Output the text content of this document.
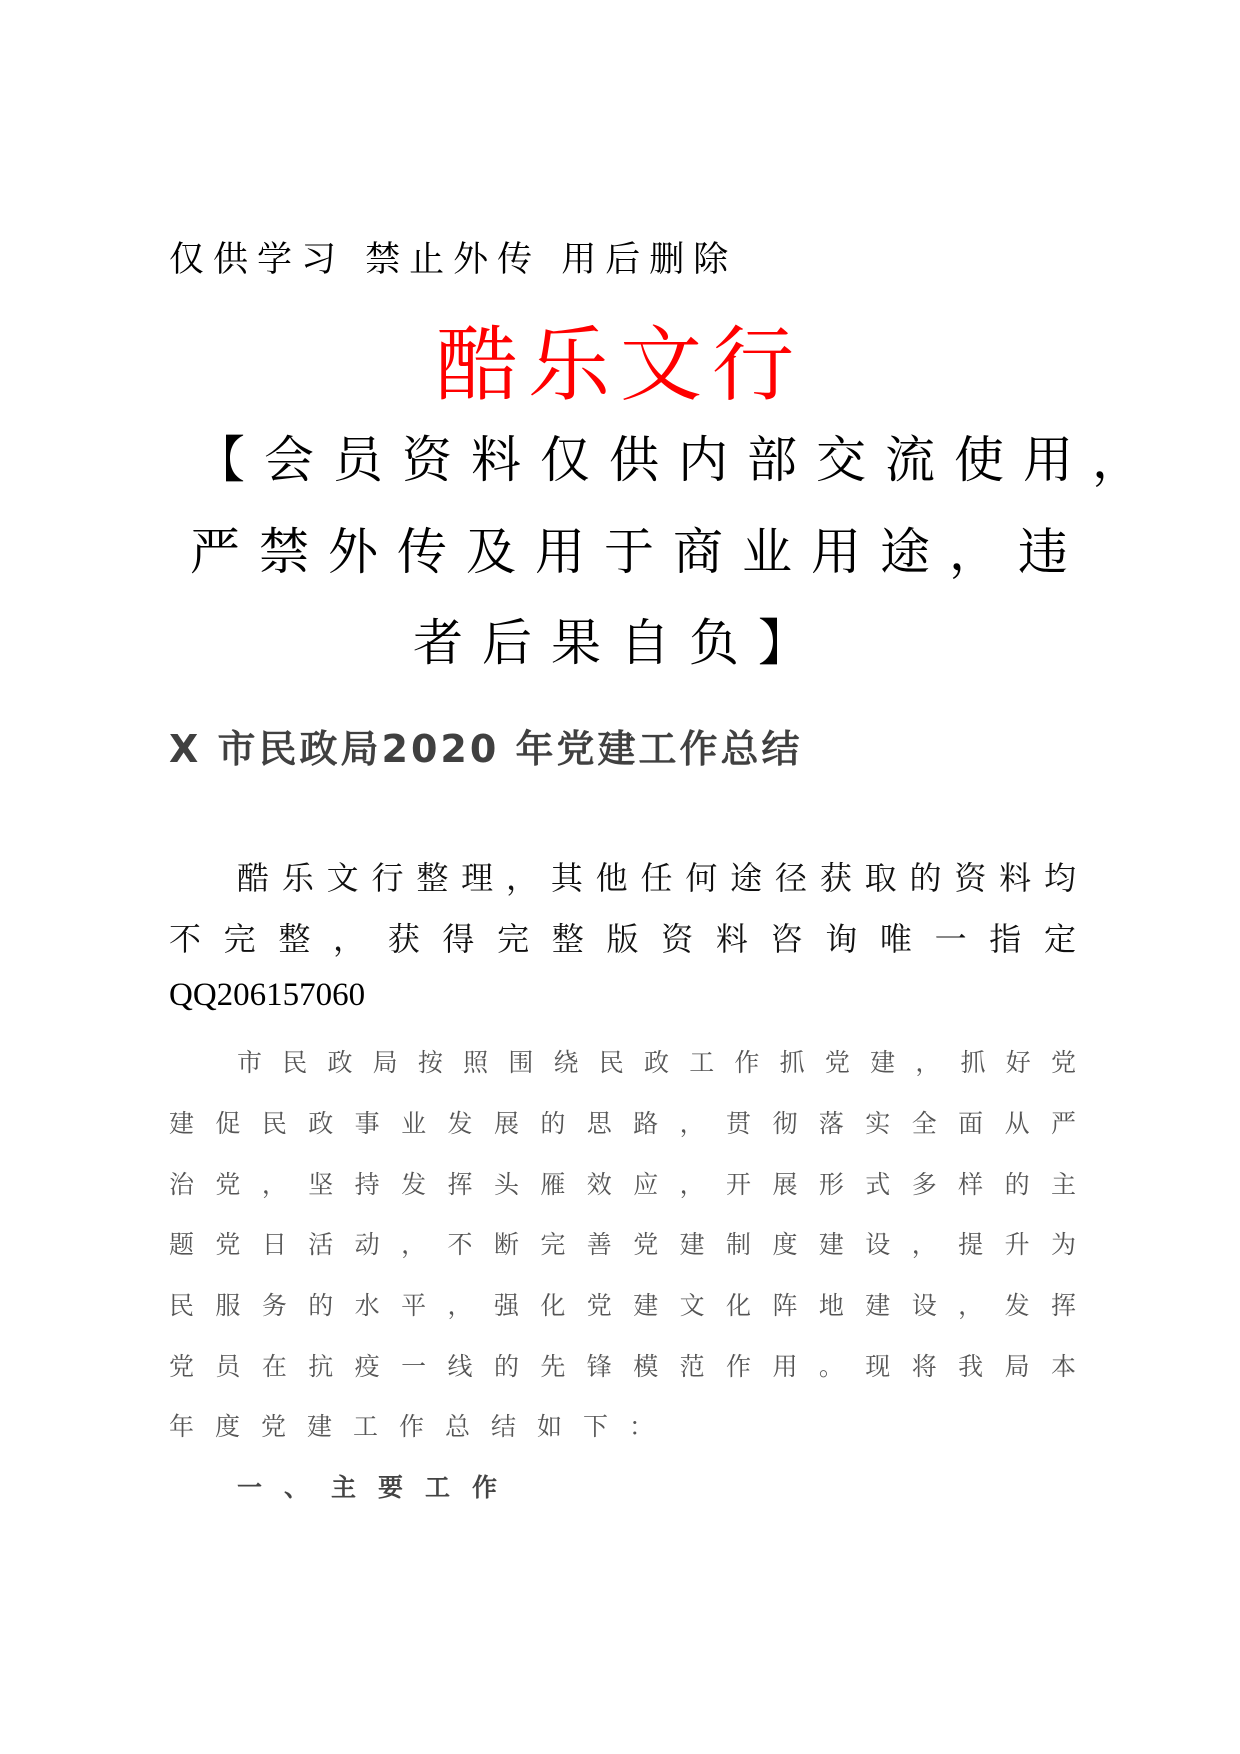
仅供学习 禁止外传 用后删除
酷乐文行
【会员资料仅供内部交流使用，
严禁外传及用于商业用途，违
者后果自负】
X 市民政局2020 年党建工作总结
酷乐文行整理，其他任何途径获取的资料均
不完整，获得完整版资料咨询唯一指定
QQ206157060
市民政局按照围绕民政工作抓党建，抓好党
建促民政事业发展的思路，贯彻落实全面从严
治党，坚持发挥头雁效应，开展形式多样的主
题党日活动，不断完善党建制度建设，提升为
民服务的水平，强化党建文化阵地建设，发挥
党员在抗疫一线的先锋模范作用。现将我局本
年度党建工作总结如下：
一、主要工作
